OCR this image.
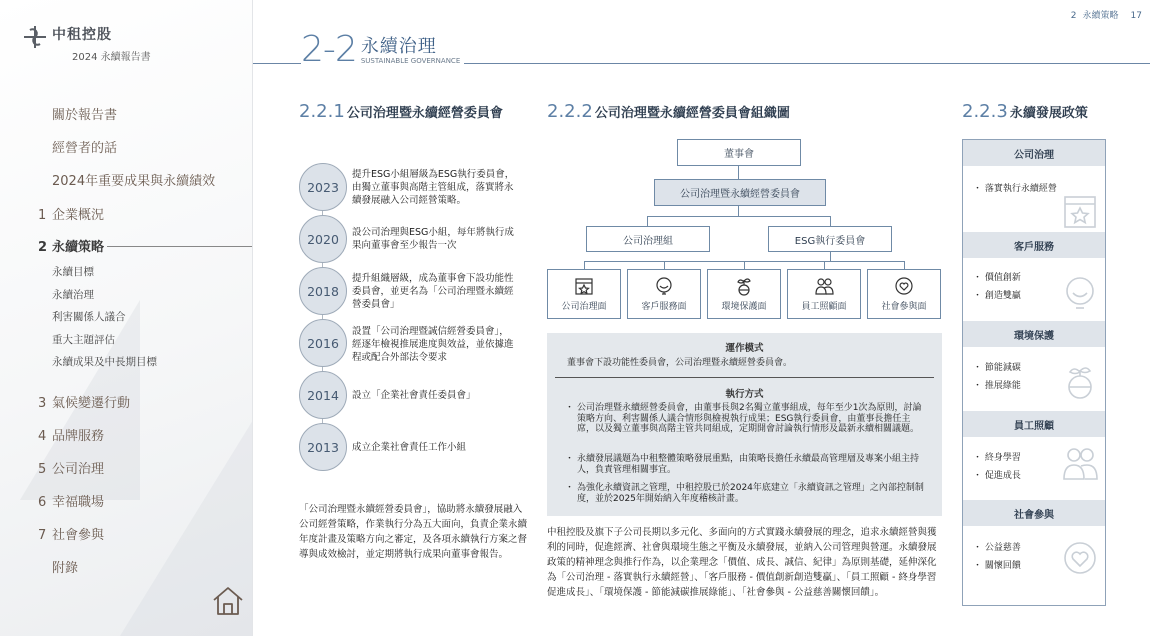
中租控股
2024 永續報告書
關於報告書
經營者的話
2024年重要成果與永續績效
1 企業概況
2 永續策略
永續目標
永續治理
利害關係人議合
重大主題評估
永續成果及中長期目標
3 氣候變遷行動
4 品牌服務
5 公司治理
6 幸福職場
7 社會參與
附錄
2 永續策略 17
2-2 永續治理
SUSTAINABLE GOVERNANCE
2.2.1 公司治理暨永續經營委員會
2023
提升ESG小組層級為ESG執行委員會，由獨立董事與高階主管組成，落實將永續發展融入公司經營策略。
2020	設公司治理與ESG小組，每年將執行成果向董事會至少報告一次
2018
提升組織層級，成為董事會下設功能性委員會，並更名為「公司治理暨永續經營委員會」
2016
設置「公司治理暨誠信經營委員會」，經逐年檢視推展進度與效益，並依據進程或配合外部法令要求
2014	設立「企業社會責任委員會」
2013	成立企業社會責任工作小組
「公司治理暨永續經營委員會」，協助將永續發展融入公司經營策略，作業執行分為五大面向，負責企業永續年度計畫及策略方向之審定，及各項永續執行方案之督導與成效檢討，並定期將執行成果向董事會報告。
2.2.2 公司治理暨永續經營委員會組織圖
董事會
公司治理暨永續經營委員會
公司治理組	ESG執行委員會
公司治理面	客戶服務面	環境保護面	員工照顧面	社會參與面
運作模式
董事會下設功能性委員會，公司治理暨永續經營委員會。
執行方式
・ 公司治理暨永續經營委員會，由董事長與2名獨立董事組成，每年至少1次為原則，討論策略方向、利害關係人議合情形與檢視執行成果；ESG執行委員會，由董事長擔任主席，以及獨立董事與高階主管共同組成，定期開會討論執行情形及最新永續相關議題。
・ 永續發展議題為中租整體策略發展重點，由策略長擔任永續最高管理層及專案小組主持人，負責管理相關事宜。
・ 為強化永續資訊之管理，中租控股已於2024年底建立「永續資訊之管理」之內部控制制度，並於2025年開始納入年度稽核計畫。
中租控股及旗下子公司長期以多元化、多面向的方式實踐永續發展的理念，追求永續經營與獲利的同時，促進經濟、社會與環境生態之平衡及永續發展，並納入公司管理與營運。永續發展政策的精神理念與推行作為，以企業理念「價值、成長、誠信、紀律」為原則基礎，延伸深化為「公司治理 - 落實執行永續經營」、「客戶服務 - 價值創新創造雙贏」、「員工照顧 - 終身學習促進成長」、「環境保護 - 節能減碳推展綠能」、「社會參與 - 公益慈善關懷回饋」。
2.2.3 永續發展政策
公司治理
・ 落實執行永續經營
客戶服務
・ 價值創新
・ 創造雙贏
環境保護
・ 節能減碳
・ 推展綠能
員工照顧
・ 終身學習
・ 促進成長
社會參與
・ 公益慈善
・ 關懷回饋
